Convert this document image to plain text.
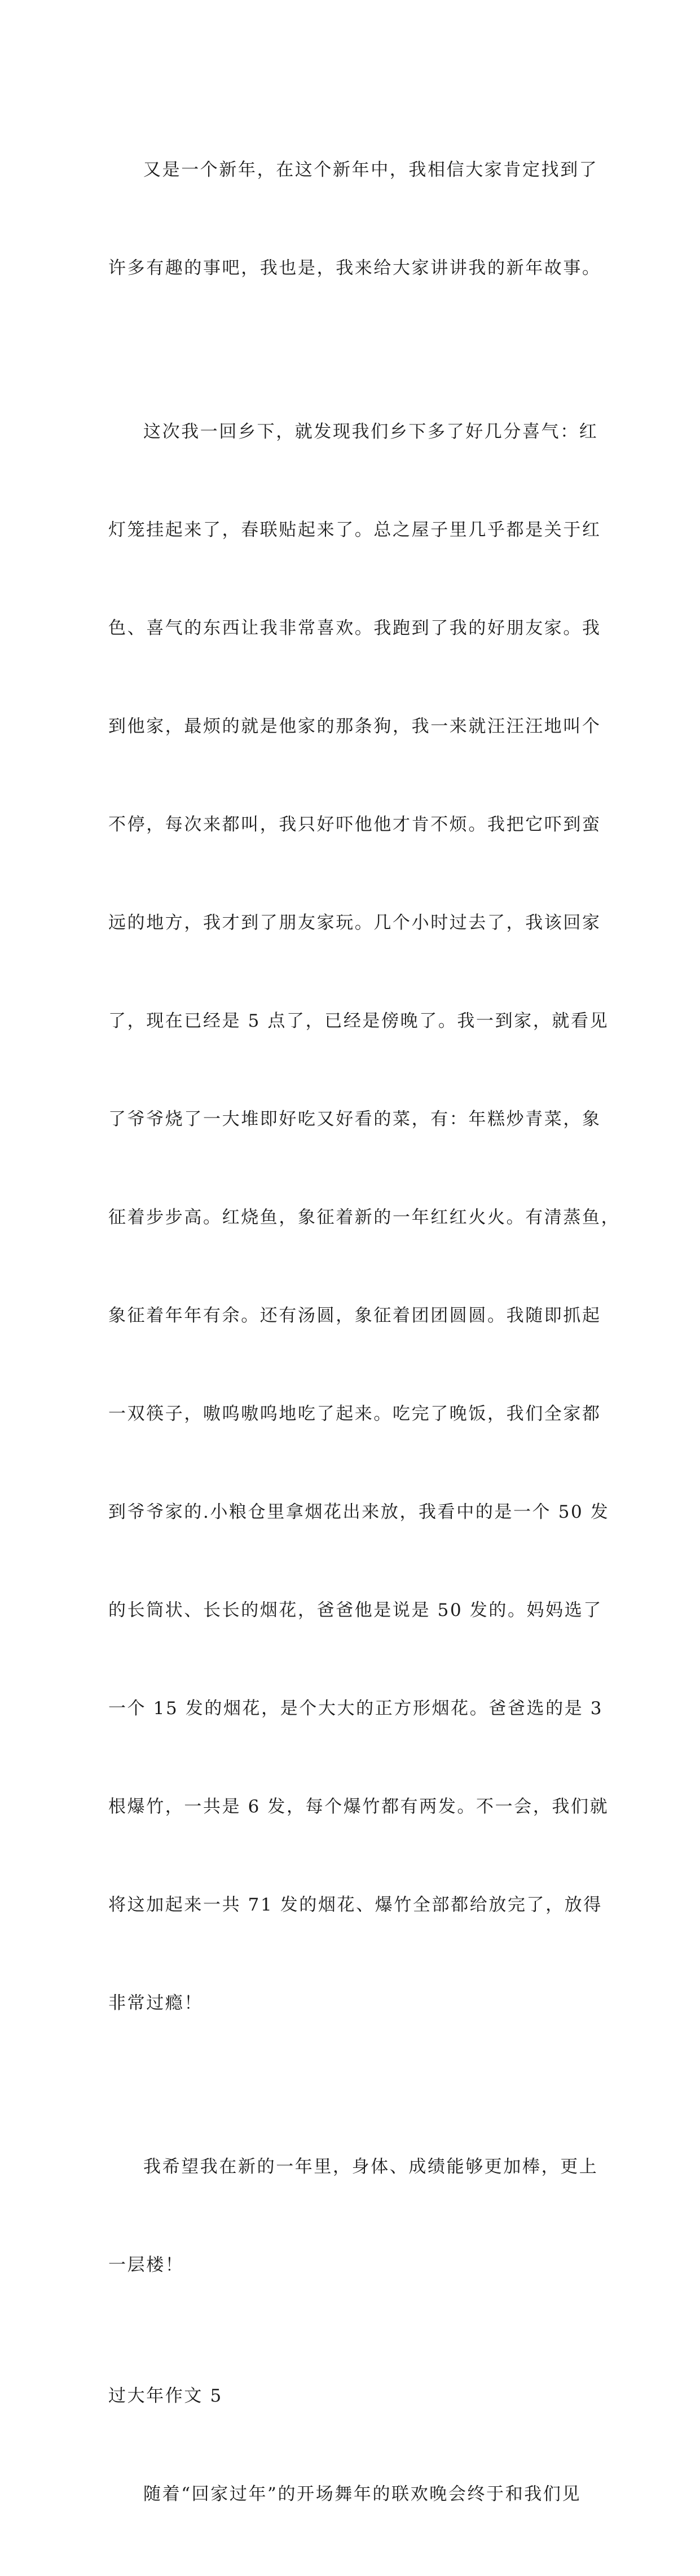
又是一个新年，在这个新年中，我相信大家肯定找到了

许多有趣的事吧，我也是，我来给大家讲讲我的新年故事。

这次我一回乡下，就发现我们乡下多了好几分喜气：红

灯笼挂起来了，春联贴起来了。总之屋子里几乎都是关于红

色、喜气的东西让我非常喜欢。我跑到了我的好朋友家。我

到他家，最烦的就是他家的那条狗，我一来就汪汪汪地叫个

不停，每次来都叫，我只好吓他他才肯不烦。我把它吓到蛮

远的地方，我才到了朋友家玩。几个小时过去了，我该回家

了，现在已经是 5 点了，已经是傍晚了。我一到家，就看见

了爷爷烧了一大堆即好吃又好看的菜，有：年糕炒青菜，象

征着步步高。红烧鱼，象征着新的一年红红火火。有清蒸鱼，

象征着年年有余。还有汤圆，象征着团团圆圆。我随即抓起

一双筷子，嗷呜嗷呜地吃了起来。吃完了晚饭，我们全家都

到爷爷家的.小粮仓里拿烟花出来放，我看中的是一个 50 发

的长筒状、长长的烟花，爸爸他是说是 50 发的。妈妈选了

一个 15 发的烟花，是个大大的正方形烟花。爸爸选的是 3

根爆竹，一共是 6 发，每个爆竹都有两发。不一会，我们就

将这加起来一共 71 发的烟花、爆竹全部都给放完了，放得

非常过瘾！

我希望我在新的一年里，身体、成绩能够更加棒，更上

一层楼！

过大年作文 5

随着“回家过年”的开场舞年的联欢晚会终于和我们见
